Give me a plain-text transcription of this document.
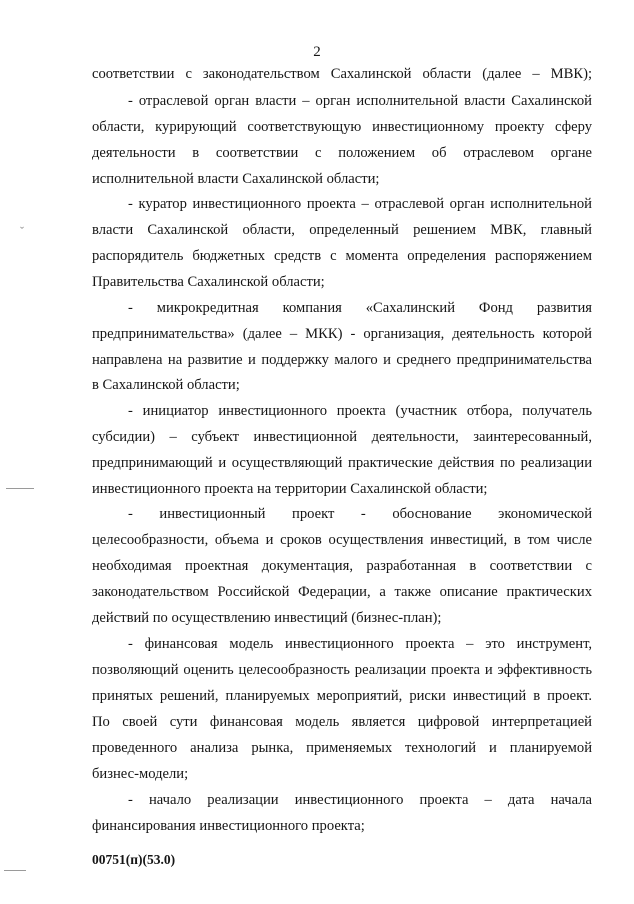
2
соответствии с законодательством Сахалинской области (далее – МВК);
- отраслевой орган власти – орган исполнительной власти Сахалинской
области, курирующий соответствующую инвестиционному проекту сферу
деятельности в соответствии с положением об отраслевом органе
исполнительной власти Сахалинской области;
- куратор инвестиционного проекта – отраслевой орган исполнительной
власти Сахалинской области, определенный решением МВК, главный
распорядитель бюджетных средств с момента определения распоряжением
Правительства Сахалинской области;
- микрокредитная компания «Сахалинский Фонд развития
предпринимательства» (далее – МКК) - организация, деятельность которой
направлена на развитие и поддержку малого и среднего предпринимательства
в Сахалинской области;
- инициатор инвестиционного проекта (участник отбора, получатель
субсидии) – субъект инвестиционной деятельности, заинтересованный,
предпринимающий и осуществляющий практические действия по реализации
инвестиционного проекта на территории Сахалинской области;
- инвестиционный проект - обоснование экономической
целесообразности, объема и сроков осуществления инвестиций, в том числе
необходимая проектная документация, разработанная в соответствии с
законодательством Российской Федерации, а также описание практических
действий по осуществлению инвестиций (бизнес-план);
- финансовая модель инвестиционного проекта – это инструмент,
позволяющий оценить целесообразность реализации проекта и эффективность
принятых решений, планируемых мероприятий, риски инвестиций в проект.
По своей сути финансовая модель является цифровой интерпретацией
проведенного анализа рынка, применяемых технологий и планируемой
бизнес-модели;
- начало реализации инвестиционного проекта – дата начала
финансирования инвестиционного проекта;
00751(п)(53.0)
ˇ
